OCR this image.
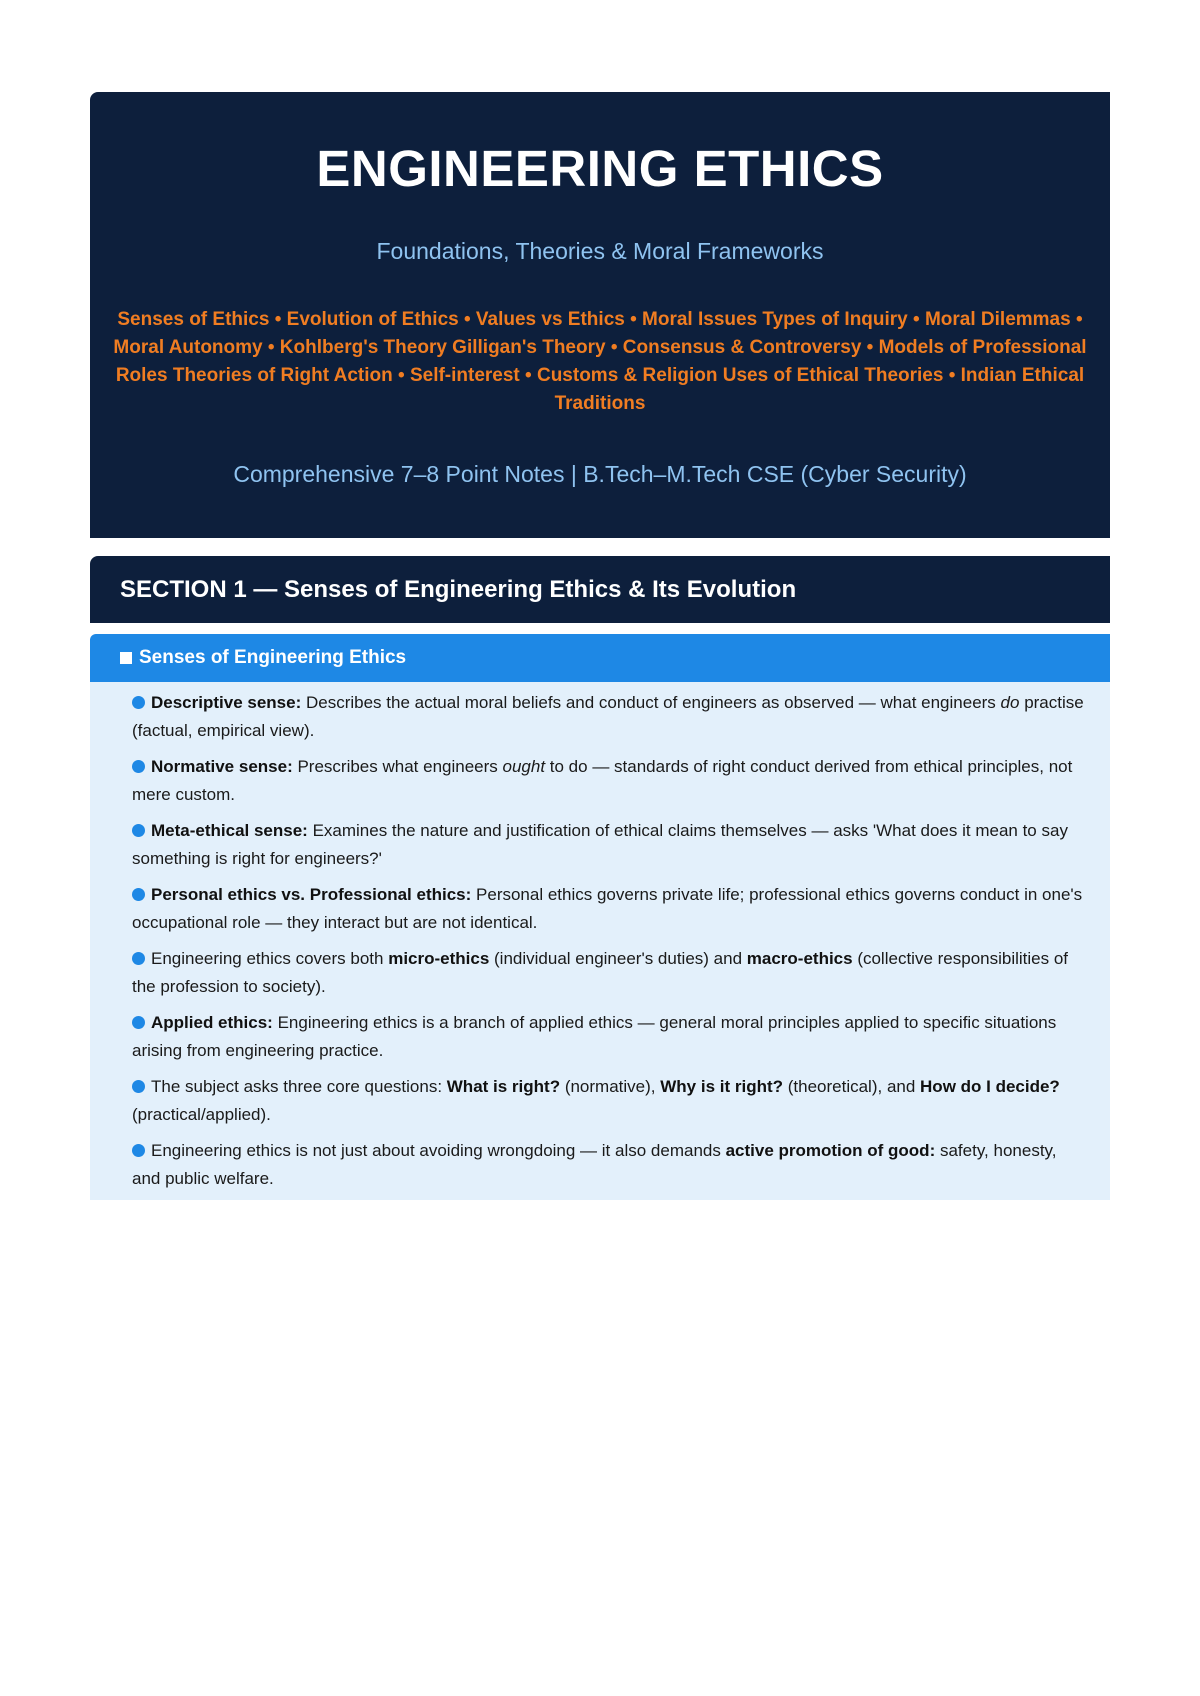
ENGINEERING ETHICS
Foundations, Theories & Moral Frameworks
Senses of Ethics • Evolution of Ethics • Values vs Ethics • Moral Issues Types of Inquiry • Moral Dilemmas • Moral Autonomy • Kohlberg's Theory Gilligan's Theory • Consensus & Controversy • Models of Professional Roles Theories of Right Action • Self-interest • Customs & Religion Uses of Ethical Theories • Indian Ethical Traditions
Comprehensive 7–8 Point Notes | B.Tech–M.Tech CSE (Cyber Security)
SECTION 1 — Senses of Engineering Ethics & Its Evolution
Senses of Engineering Ethics
Descriptive sense: Describes the actual moral beliefs and conduct of engineers as observed — what engineers do practise (factual, empirical view).
Normative sense: Prescribes what engineers ought to do — standards of right conduct derived from ethical principles, not mere custom.
Meta-ethical sense: Examines the nature and justification of ethical claims themselves — asks 'What does it mean to say something is right for engineers?'
Personal ethics vs. Professional ethics: Personal ethics governs private life; professional ethics governs conduct in one's occupational role — they interact but are not identical.
Engineering ethics covers both micro-ethics (individual engineer's duties) and macro-ethics (collective responsibilities of the profession to society).
Applied ethics: Engineering ethics is a branch of applied ethics — general moral principles applied to specific situations arising from engineering practice.
The subject asks three core questions: What is right? (normative), Why is it right? (theoretical), and How do I decide? (practical/applied).
Engineering ethics is not just about avoiding wrongdoing — it also demands active promotion of good: safety, honesty, and public welfare.
